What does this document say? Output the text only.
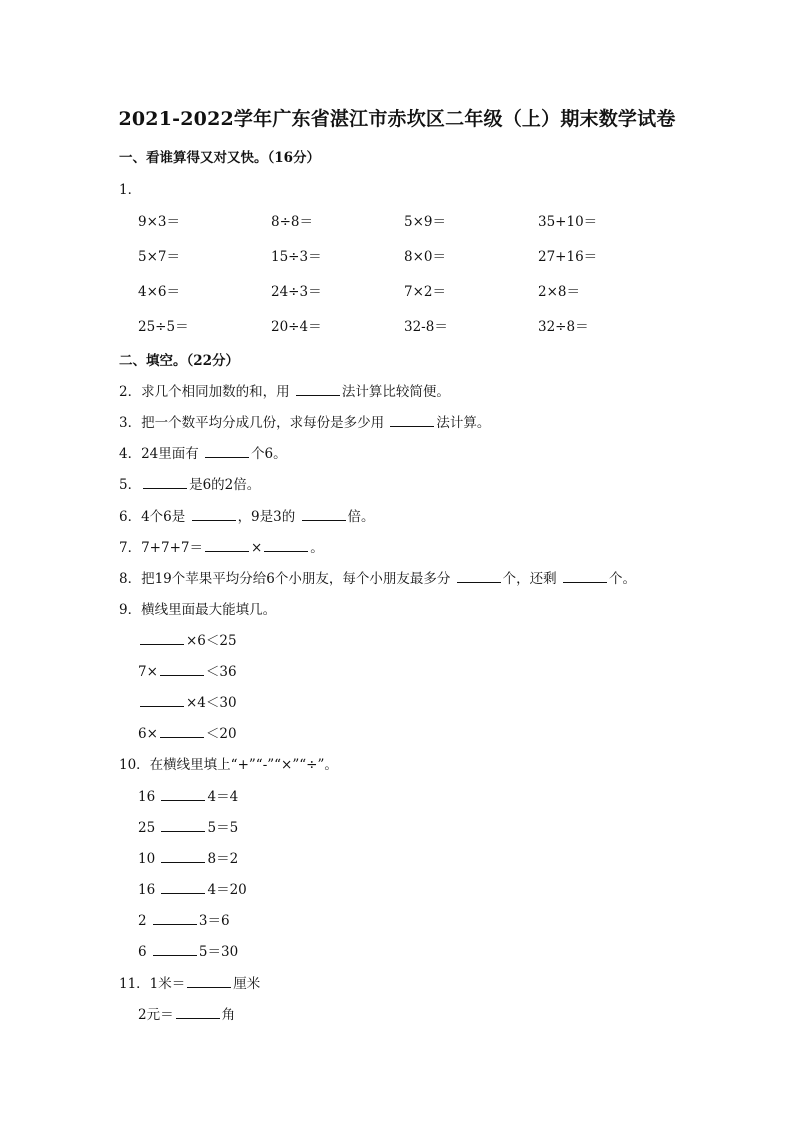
2021-2022学年广东省湛江市赤坎区二年级（上）期末数学试卷
一、看谁算得又对又快。（16分）
1．
9×3＝	8÷8＝	5×9＝	35+10＝
5×7＝	15÷3＝	8×0＝	27+16＝
4×6＝	24÷3＝	7×2＝	2×8＝
25÷5＝	20÷4＝	32-8＝	32÷8＝
二、填空。（22分）
2．求几个相同加数的和，用	法计算比较简便。
3．把一个数平均分成几份，求每份是多少用	法计算。
4．24里面有	个6。
5．	是6的2倍。
6．4个6是	，9是3的	倍。
7．7+7+7＝	×	。
8．把19个苹果平均分给6个小朋友，每个小朋友最多分	个，还剩	个。
9．横线里面最大能填几。
×6＜25
7×	＜36
×4＜30
6×	＜20
10．在横线里填上“+”“-”“×”“÷”。
16	4＝4
25	5＝5
10	8＝2
16	4＝20
2	3＝6
6	5＝30
11．1米＝	厘米
2元＝	角
